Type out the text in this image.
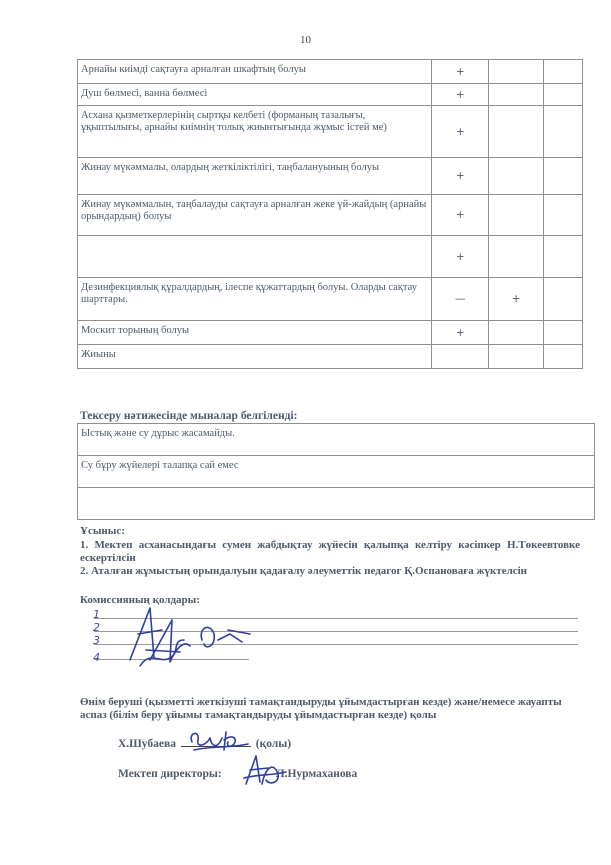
10
Арнайы киімді сақтауға арналған шкафтың болуы	+		
Душ бөлмесі, ванна бөлмесі	+		
Асхана қызметкерлерінің сыртқы келбеті (форманың тазалығы, ұқыптылығы, арнайы киімнің толық жиынтығында жұмыс істей ме)	+		
Жинау мүкәммалы, олардың жеткіліктілігі, таңбалануының болуы	+		
Жинау мүкәммалын, таңбалауды сақтауға арналған жеке үй-жайдың (арнайы орындардың) болуы	+		
	+		
Дезинфекциялық құралдардың, ілеспе құжаттардың болуы. Оларды сақтау шарттары.	—	+	
Москит торының болуы	+		
Жиыны			
Тексеру нәтижесінде мыналар белгіленді:
Ыстық және су дұрыс жасамайды.
Су бұру жүйелері талапқа сай емес

Ұсыныс:
1. Мектеп асханасындағы сумен жабдықтау жүйесін қалыпқа келтіру кәсіпкер Н.Төкеевтовке ескертілсін
2. Аталған жұмыстың орындалуын қадағалу әлеуметтік педагог Қ.Оспановаға жүктелсін
Комиссияның қолдары:
1
2
3
4
Өнім беруші (қызметті жеткізуші тамақтандыруды ұйымдастырған кезде) және/немесе жауапты аспаз (білім беру ұйымы тамақтандыруды ұйымдастырған кезде) қолы
Х.Шубаева	(қолы)
Мектеп директоры:	Л.Нурмаханова
